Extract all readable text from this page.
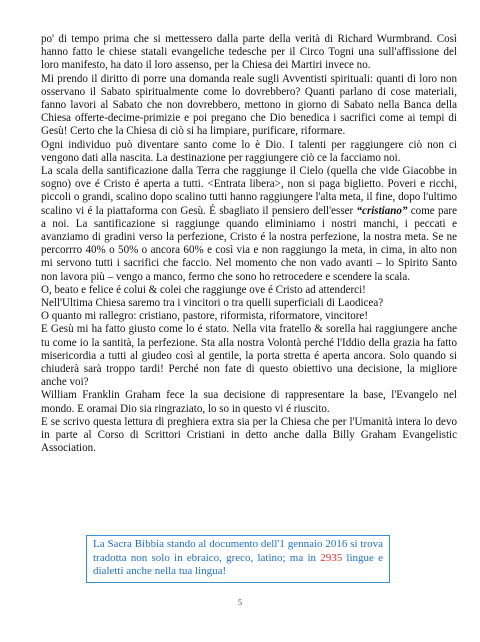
po' di tempo prima che si mettessero dalla parte della verità di Richard Wurmbrand. Così hanno fatto le chiese statali evangeliche tedesche per il Circo Togni una sull'affissione del loro manifesto, ha dato il loro assenso, per la Chiesa dei Martiri invece no.

Mi prendo il diritto di porre una domanda reale sugli Avventisti spirituali: quanti di loro non osservano il Sabato spiritualmente come lo dovrebbero? Quanti parlano di cose materiali, fanno lavori al Sabato che non dovrebbero, mettono in giorno di Sabato nella Banca della Chiesa offerte-decime-primizie e poi pregano che Dio benedica i sacrifici come ai tempi di Gesù! Certo che la Chiesa di ciò si ha limpiare, purificare, riformare.

Ogni individuo può diventare santo come lo è Dio. I talenti per raggiungere ciò non ci vengono dati alla nascita. La destinazione per raggiungere ciò ce la facciamo noi.

La scala della santificazione dalla Terra che raggiunge il Cielo (quella che vide Giacobbe in sogno) ove é Cristo é aperta a tutti. <Entrata libera>, non si paga biglietto. Poveri e ricchi, piccoli o grandi, scalino dopo scalino tutti hanno raggiungere l'alta meta, il fine, dopo l'ultimo scalino vi é la piattaforma con Gesù. É sbagliato il pensiero dell'esser “cristiano” come pare a noi. La santificazione si raggiunge quando eliminiamo i nostri manchi, i peccati e avanziamo di gradini verso la perfezione, Cristo é la nostra perfezione, la nostra meta. Se ne percorrro 40% o 50% o ancora 60% e così via e non raggiungo la meta, in cima, in alto non mi servono tutti i sacrifici che faccio. Nel momento che non vado avanti – lo Spirito Santo non lavora più – vengo a manco, fermo che sono ho retrocedere e scendere la scala.

O, beato e felice é colui & colei che raggiunge ove é Cristo ad attenderci!

Nell'Ultima Chiesa saremo tra i vincitori o tra quelli superficiali di Laodicea?

O quanto mi rallegro: cristiano, pastore, riformista, riformatore, vincitore!

E Gesù mi ha fatto giusto come lo é stato. Nella vita fratello & sorella hai raggiungere anche tu come io la santità, la perfezione. Sta alla nostra Volontà perché l'Iddio della grazia ha fatto misericordia a tutti al giudeo così al gentile, la porta stretta é aperta ancora. Solo quando si chiuderà sarà troppo tardi! Perché non fate di questo obiettivo una decisione, la migliore anche voi?

William Franklin Graham fece la sua decisione di rappresentare la base, l'Evangelo nel mondo. E oramai Dio sia ringraziato, lo so in questo vi é riuscito.

E se scrivo questa lettura di preghiera extra sia per la Chiesa che per l'Umanità intera lo devo in parte al Corso di Scrittori Cristiani in detto anche dalla Billy Graham Evangelistic Association.

La Sacra Bibbia stando al documento dell'1 gennaio 2016 si trova tradotta non solo in ebraico, greco, latino; ma in 2935 lingue e dialetti anche nella tua lingua!
5
